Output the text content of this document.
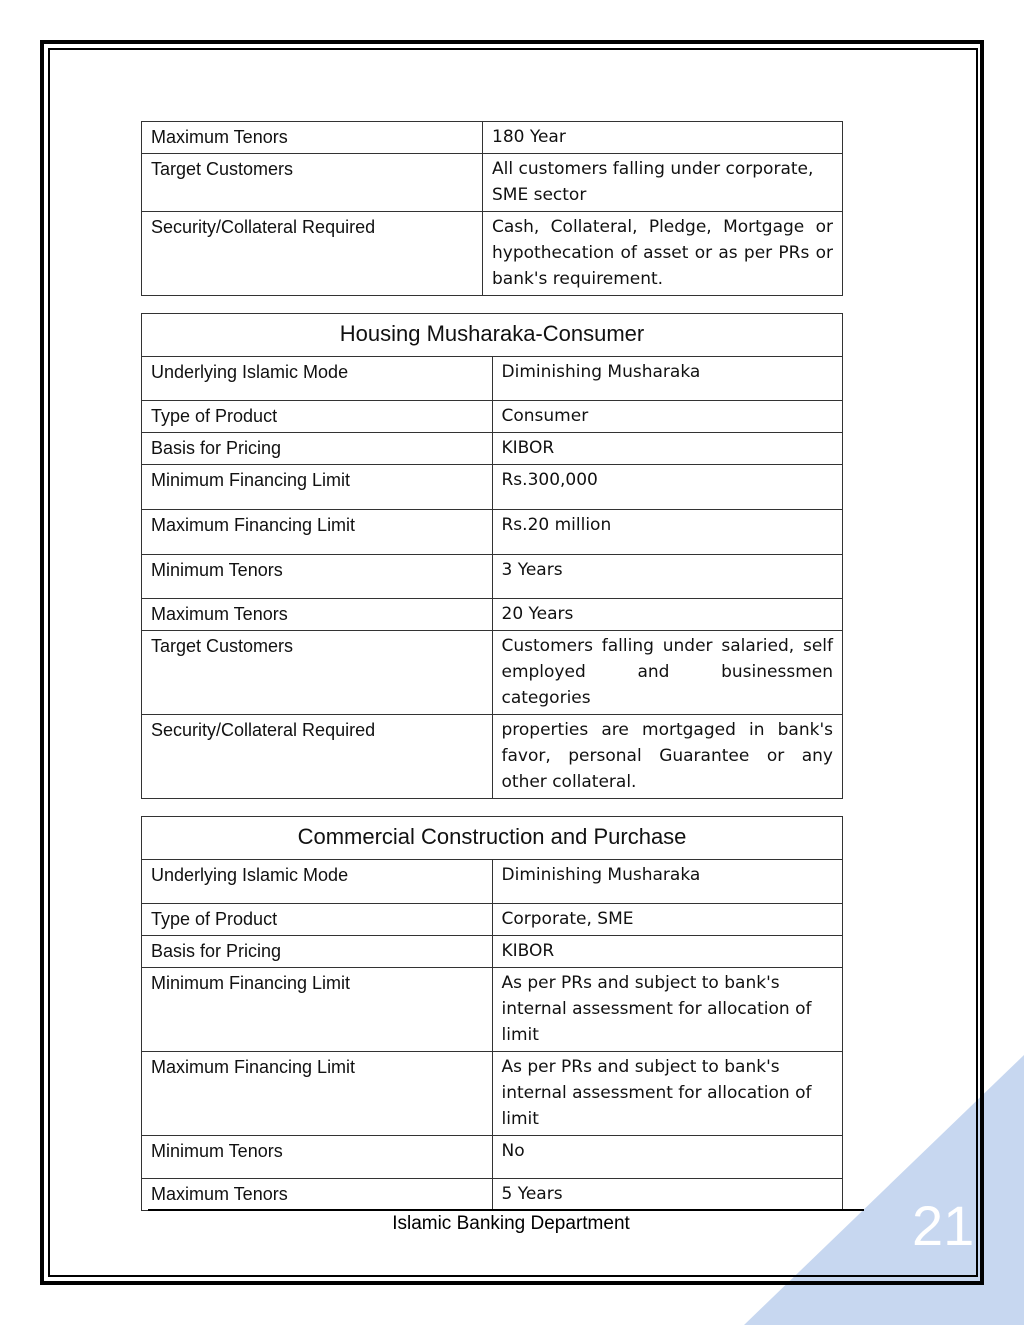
Maximum Tenors	180 Year
Target Customers	All customers falling under corporate, SME sector
Security/Collateral Required	Cash, Collateral, Pledge, Mortgage or hypothecation of asset or as per PRs or bank's requirement.
Housing Musharaka-Consumer	
Underlying Islamic Mode	Diminishing Musharaka
Type of Product	Consumer
Basis for Pricing	KIBOR
Minimum Financing Limit	Rs.300,000
Maximum Financing Limit	Rs.20 million
Minimum Tenors	3 Years
Maximum Tenors	20 Years
Target Customers	Customers falling under salaried, self employed and businessmen categories
Security/Collateral Required	properties are mortgaged in bank's favor, personal Guarantee or any other collateral.
Commercial Construction and Purchase	
Underlying Islamic Mode	Diminishing Musharaka
Type of Product	Corporate, SME
Basis for Pricing	KIBOR
Minimum Financing Limit	As per PRs and subject to bank's internal assessment for allocation of limit
Maximum Financing Limit	As per PRs and subject to bank's internal assessment for allocation of limit
Minimum Tenors	No
Maximum Tenors	5 Years
Islamic Banking Department	21
